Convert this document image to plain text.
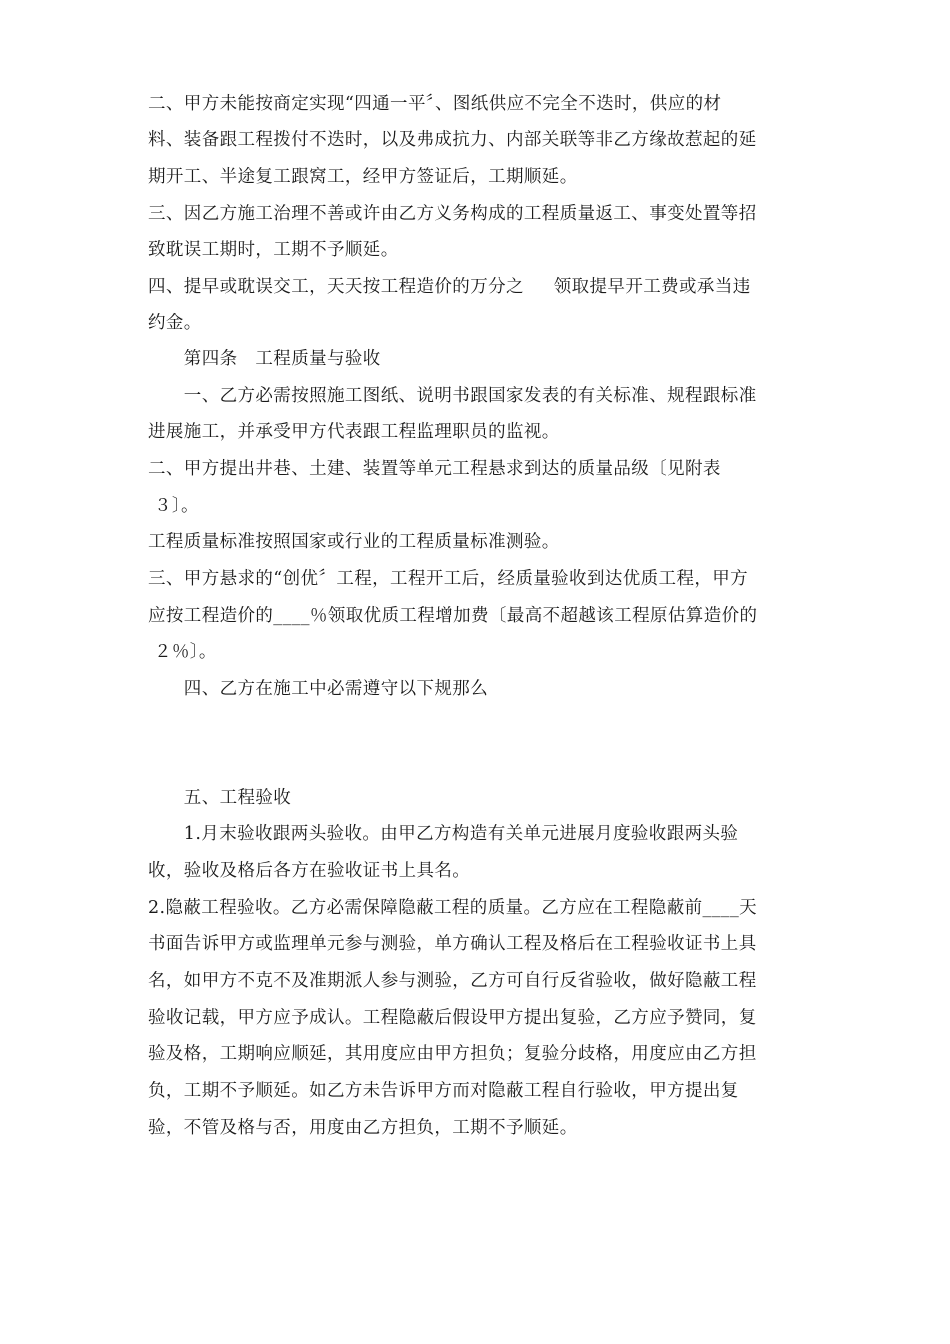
二、甲方未能按商定实现“四通一平〞、图纸供应不完全不迭时，供应的材
料、装备跟工程拨付不迭时，以及弗成抗力、内部关联等非乙方缘故惹起的延
期开工、半途复工跟窝工，经甲方签证后，工期顺延。
三、因乙方施工治理不善或许由乙方义务构成的工程质量返工、事变处置等招
致耽误工期时，工期不予顺延。
四、提早或耽误交工，天天按工程造价的万分之 　 领取提早开工费或承当违
约金。
　　第四条　工程质量与验收
　　一、乙方必需按照施工图纸、说明书跟国家发表的有关标准、规程跟标准
进展施工，并承受甲方代表跟工程监理职员的监视。
二、甲方提出井巷、土建、装置等单元工程悬求到达的质量品级〔见附表
３〕。
工程质量标准按照国家或行业的工程质量标准测验。
三、甲方悬求的“创优〞工程，工程开工后，经质量验收到达优质工程，甲方
应按工程造价的____％领取优质工程增加费〔最高不超越该工程原估算造价的
２％〕。
　　四、乙方在施工中必需遵守以下规那么
　　五、工程验收
　　1.月末验收跟两头验收。由甲乙方构造有关单元进展月度验收跟两头验
收，验收及格后各方在验收证书上具名。
2.隐蔽工程验收。乙方必需保障隐蔽工程的质量。乙方应在工程隐蔽前____天
书面告诉甲方或监理单元参与测验，单方确认工程及格后在工程验收证书上具
名，如甲方不克不及准期派人参与测验，乙方可自行反省验收，做好隐蔽工程
验收记载，甲方应予成认。工程隐蔽后假设甲方提出复验，乙方应予赞同，复
验及格，工期响应顺延，其用度应由甲方担负；复验分歧格，用度应由乙方担
负，工期不予顺延。如乙方未告诉甲方而对隐蔽工程自行验收，甲方提出复
验，不管及格与否，用度由乙方担负，工期不予顺延。
